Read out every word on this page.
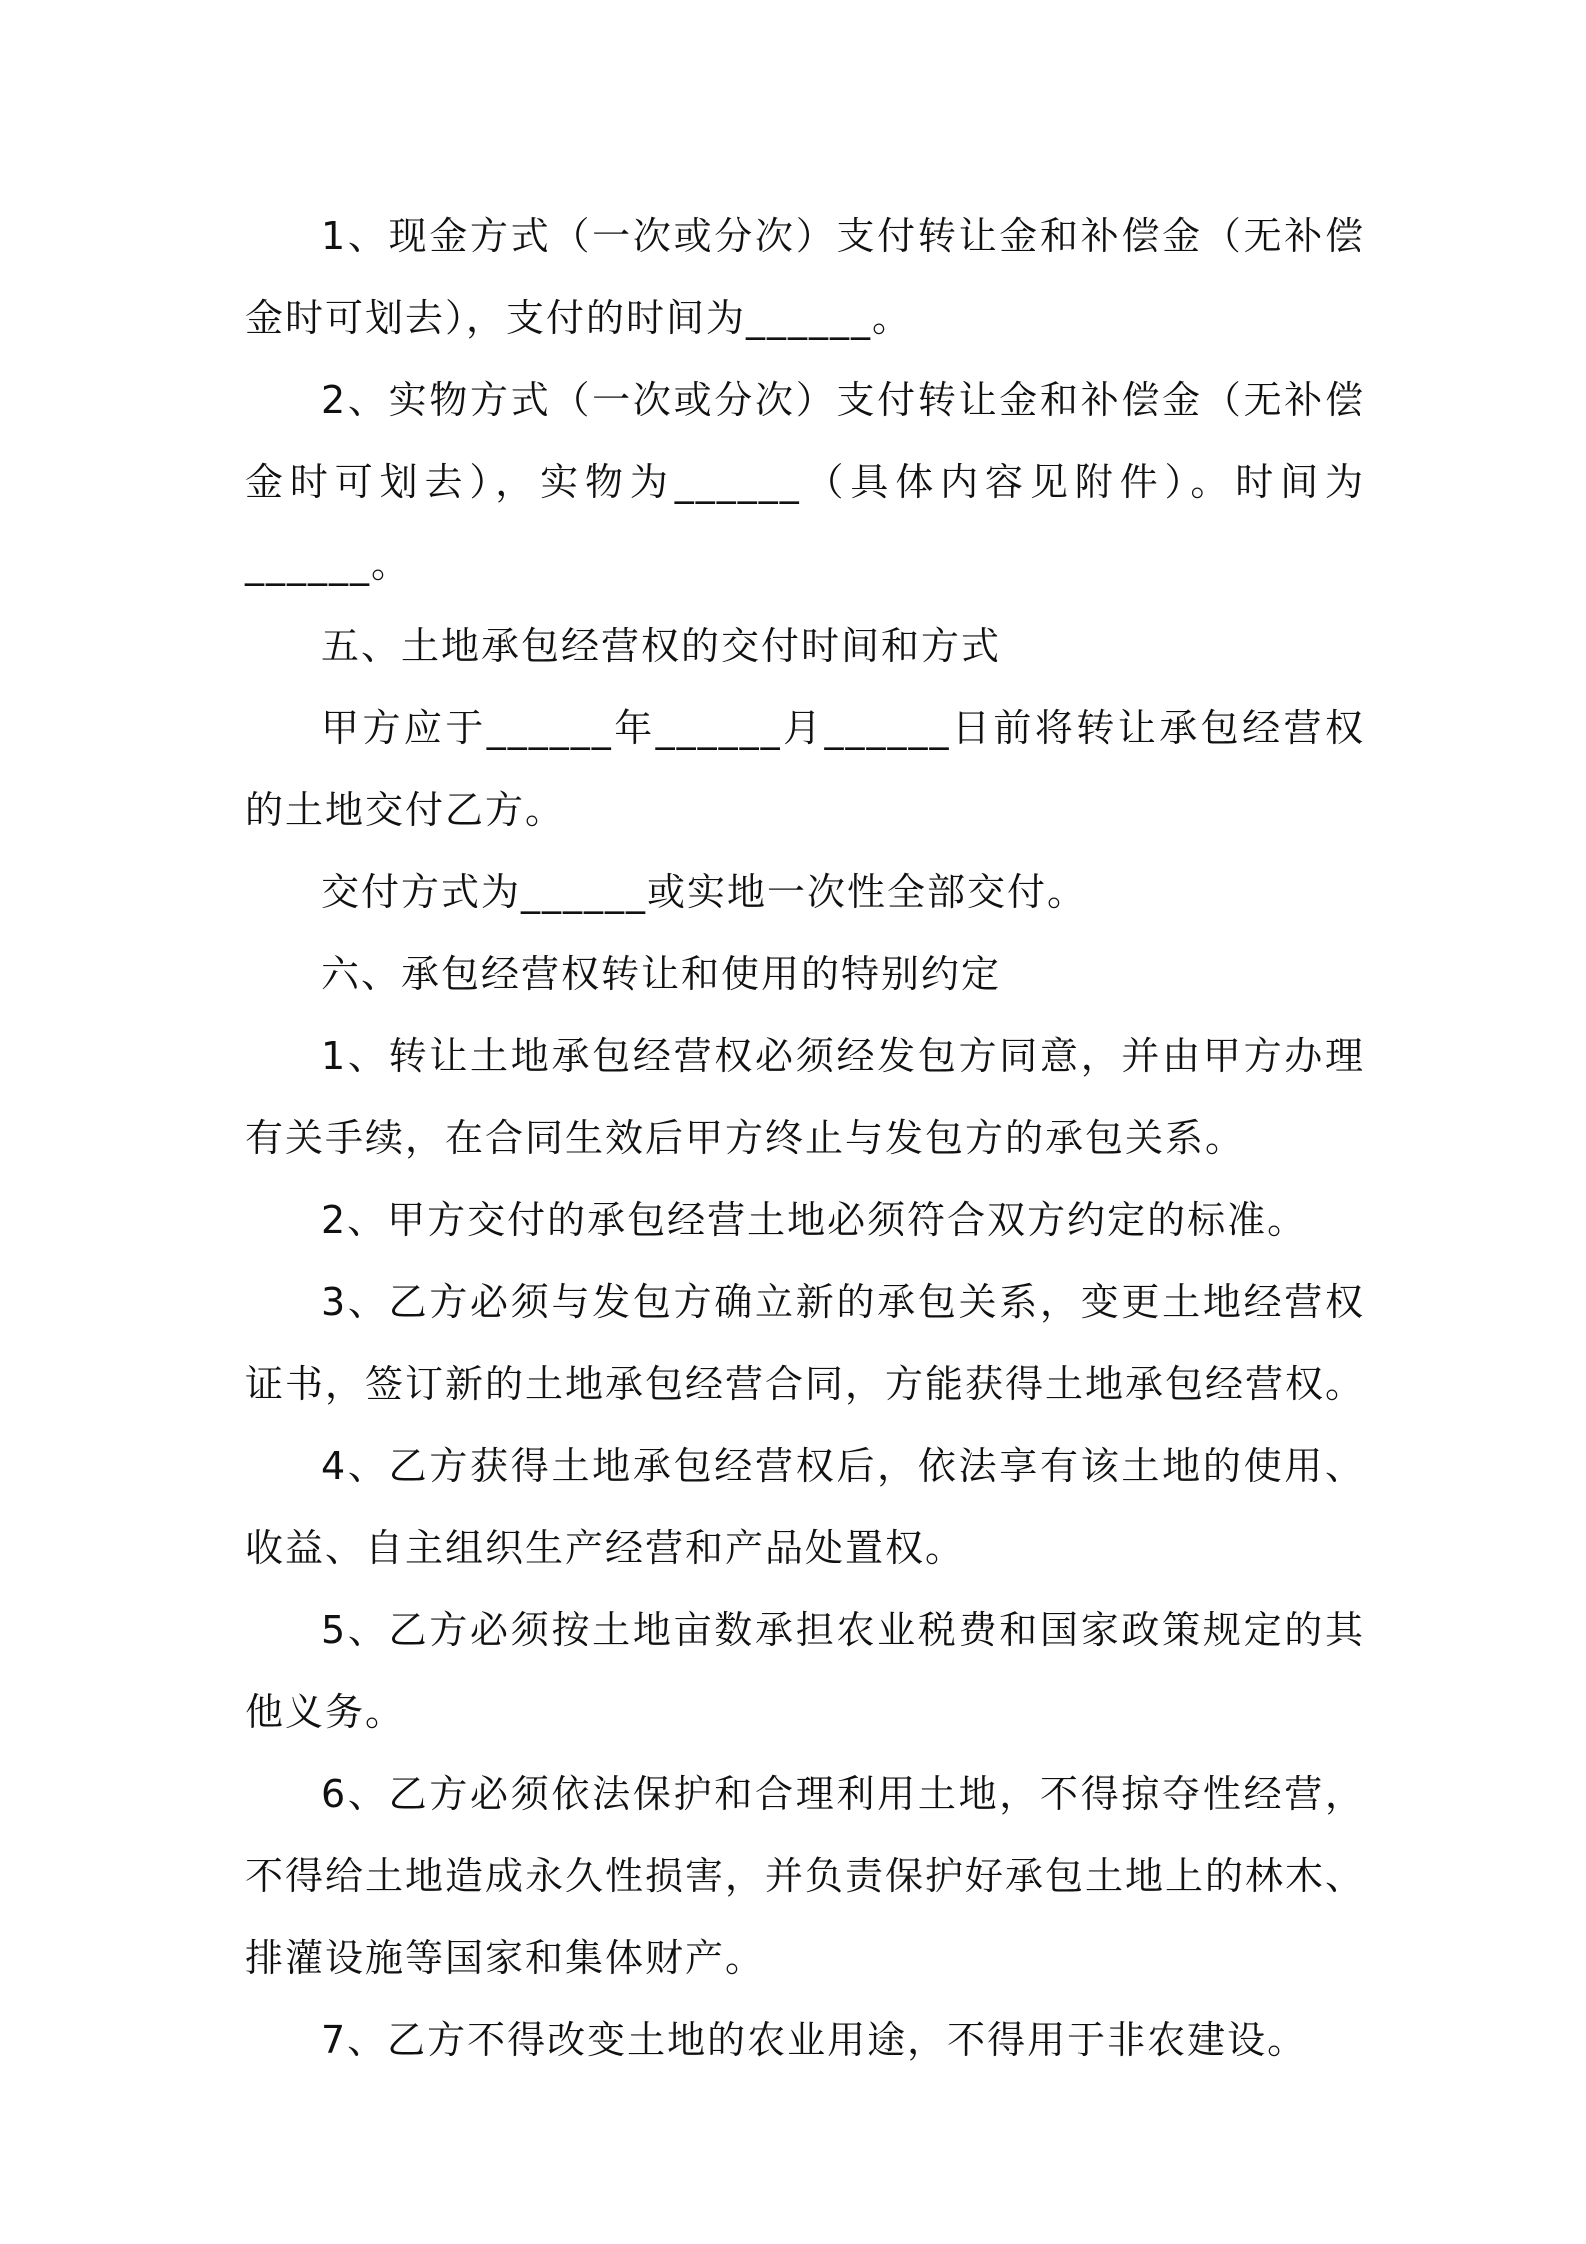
1、现金方式（一次或分次）支付转让金和补偿金（无补偿金时可划去），支付的时间为______。

2、实物方式（一次或分次）支付转让金和补偿金（无补偿金时可划去），实物为______（具体内容见附件）。时间为______。

五、土地承包经营权的交付时间和方式

甲方应于______年______月______日前将转让承包经营权的土地交付乙方。

交付方式为______或实地一次性全部交付。

六、承包经营权转让和使用的特别约定

1、转让土地承包经营权必须经发包方同意，并由甲方办理有关手续，在合同生效后甲方终止与发包方的承包关系。

2、甲方交付的承包经营土地必须符合双方约定的标准。

3、乙方必须与发包方确立新的承包关系，变更土地经营权证书，签订新的土地承包经营合同，方能获得土地承包经营权。

4、乙方获得土地承包经营权后，依法享有该土地的使用、收益、自主组织生产经营和产品处置权。

5、乙方必须按土地亩数承担农业税费和国家政策规定的其他义务。

6、乙方必须依法保护和合理利用土地，不得掠夺性经营，不得给土地造成永久性损害，并负责保护好承包土地上的林木、排灌设施等国家和集体财产。

7、乙方不得改变土地的农业用途，不得用于非农建设。
